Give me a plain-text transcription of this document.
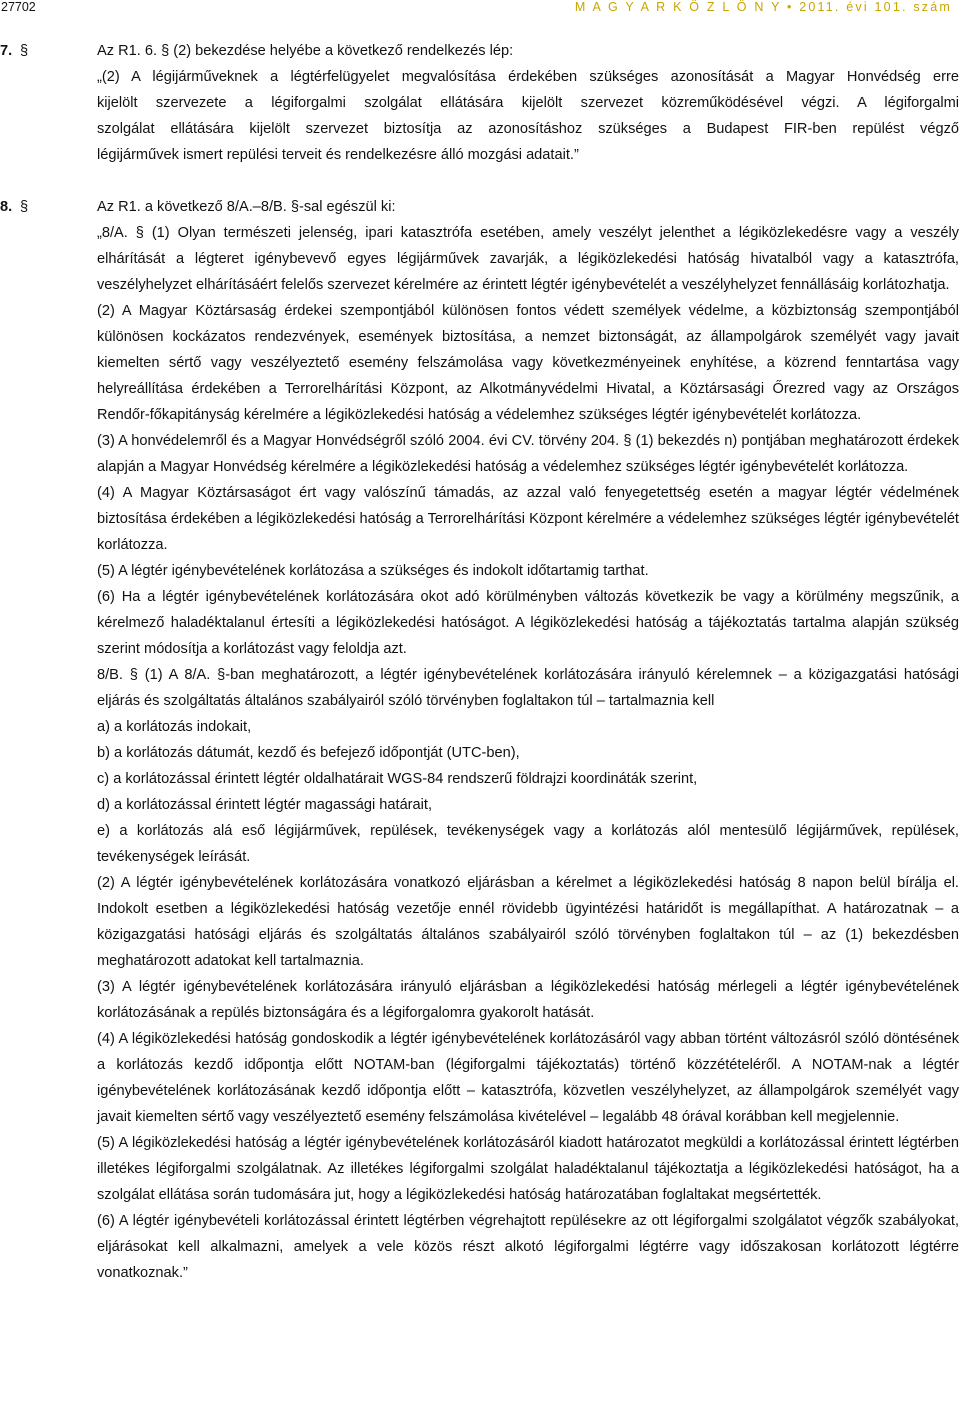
27702	M A G Y A R K Ö Z L Ö N Y • 2011. évi 101. szám
7. §	Az R1. 6. § (2) bekezdése helyébe a következő rendelkezés lép:

„(2) A légijárműveknek a légtérfelügyelet megvalósítása érdekében szükséges azonosítását a Magyar Honvédség erre

kijelölt szervezete a légiforgalmi szolgálat ellátására kijelölt szervezet közreműködésével végzi. A légiforgalmi

szolgálat ellátására kijelölt szervezet biztosítja az azonosításhoz szükséges a Budapest FIR-ben repülést végző

légijárművek ismert repülési terveit és rendelkezésre álló mozgási adatait.”

8. §	Az R1. a következő 8/A.–8/B. §-sal egészül ki:

„8/A. § (1) Olyan természeti jelenség, ipari katasztrófa esetében, amely veszélyt jelenthet a légiközlekedésre vagy a veszély elhárítását a légteret igénybevevő egyes légijárművek zavarják, a légiközlekedési hatóság hivatalból vagy a katasztrófa, veszélyhelyzet elhárításáért felelős szervezet kérelmére az érintett légtér igénybevételét a veszélyhelyzet fennállásáig korlátozhatja.

(2) A Magyar Köztársaság érdekei szempontjából különösen fontos védett személyek védelme, a közbiztonság szempontjából különösen kockázatos rendezvények, események biztosítása, a nemzet biztonságát, az állampolgárok személyét vagy javait kiemelten sértő vagy veszélyeztető esemény felszámolása vagy következményeinek enyhítése, a közrend fenntartása vagy helyreállítása érdekében a Terrorelhárítási Központ, az Alkotmányvédelmi Hivatal, a Köztársasági Őrezred vagy az Országos Rendőr-főkapitányság kérelmére a légiközlekedési hatóság a védelemhez szükséges légtér igénybevételét korlátozza.

(3) A honvédelemről és a Magyar Honvédségről szóló 2004. évi CV. törvény 204. § (1) bekezdés n) pontjában meghatározott érdekek alapján a Magyar Honvédség kérelmére a légiközlekedési hatóság a védelemhez szükséges légtér igénybevételét korlátozza.

(4) A Magyar Köztársaságot ért vagy valószínű támadás, az azzal való fenyegetettség esetén a magyar légtér védelmének biztosítása érdekében a légiközlekedési hatóság a Terrorelhárítási Központ kérelmére a védelemhez szükséges légtér igénybevételét korlátozza.

(5) A légtér igénybevételének korlátozása a szükséges és indokolt időtartamig tarthat.

(6) Ha a légtér igénybevételének korlátozására okot adó körülményben változás következik be vagy a körülmény megszűnik, a kérelmező haladéktalanul értesíti a légiközlekedési hatóságot. A légiközlekedési hatóság a tájékoztatás tartalma alapján szükség szerint módosítja a korlátozást vagy feloldja azt.

8/B. § (1) A 8/A. §-ban meghatározott, a légtér igénybevételének korlátozására irányuló kérelemnek – a közigazgatási hatósági eljárás és szolgáltatás általános szabályairól szóló törvényben foglaltakon túl – tartalmaznia kell

a) a korlátozás indokait,

b) a korlátozás dátumát, kezdő és befejező időpontját (UTC-ben),

c) a korlátozással érintett légtér oldalhatárait WGS-84 rendszerű földrajzi koordináták szerint,

d) a korlátozással érintett légtér magassági határait,

e) a korlátozás alá eső légijárművek, repülések, tevékenységek vagy a korlátozás alól mentesülő légijárművek, repülések, tevékenységek leírását.

(2) A légtér igénybevételének korlátozására vonatkozó eljárásban a kérelmet a légiközlekedési hatóság 8 napon belül bírálja el. Indokolt esetben a légiközlekedési hatóság vezetője ennél rövidebb ügyintézési határidőt is megállapíthat. A határozatnak – a közigazgatási hatósági eljárás és szolgáltatás általános szabályairól szóló törvényben foglaltakon túl – az (1) bekezdésben meghatározott adatokat kell tartalmaznia.

(3) A légtér igénybevételének korlátozására irányuló eljárásban a légiközlekedési hatóság mérlegeli a légtér igénybevételének korlátozásának a repülés biztonságára és a légiforgalomra gyakorolt hatását.

(4) A légiközlekedési hatóság gondoskodik a légtér igénybevételének korlátozásáról vagy abban történt változásról szóló döntésének a korlátozás kezdő időpontja előtt NOTAM-ban (légiforgalmi tájékoztatás) történő közzétételéről. A NOTAM-nak a légtér igénybevételének korlátozásának kezdő időpontja előtt – katasztrófa, közvetlen veszélyhelyzet, az állampolgárok személyét vagy javait kiemelten sértő vagy veszélyeztető esemény felszámolása kivételével – legalább 48 órával korábban kell megjelennie.

(5) A légiközlekedési hatóság a légtér igénybevételének korlátozásáról kiadott határozatot megküldi a korlátozással érintett légtérben illetékes légiforgalmi szolgálatnak. Az illetékes légiforgalmi szolgálat haladéktalanul tájékoztatja a légiközlekedési hatóságot, ha a szolgálat ellátása során tudomására jut, hogy a légiközlekedési hatóság határozatában foglaltakat megsértették.

(6) A légtér igénybevételi korlátozással érintett légtérben végrehajtott repülésekre az ott légiforgalmi szolgálatot végzők szabályokat, eljárásokat kell alkalmazni, amelyek a vele közös részt alkotó légiforgalmi légtérre vagy időszakosan korlátozott légtérre vonatkoznak.”
